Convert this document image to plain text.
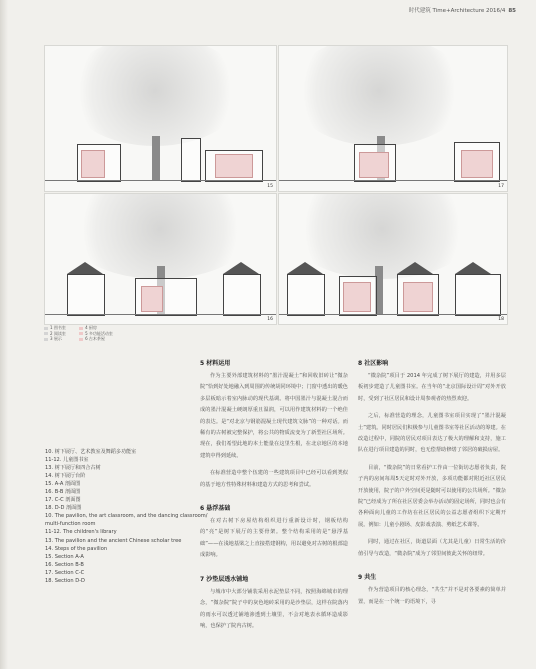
时代建筑 Time+Architecture 2016/4 85
15	17
16	18
1 图书室
2 阅读室
3 展示

4 厨房
5 多功能活动室
6 古木茶屋
10. 树下展厅、艺术教室及舞蹈多功能室
11-12. 儿童图书室
13. 树下展厅和四合古树
14. 树下展厅台阶
15. A-A 剖面图
16. B-B 剖面图
17. C-C 剖面图
18. D-D 剖面图
10. The pavilion, the art classroom, and the dancing classroom/
multi-function room
11-12. The children's library
13. The pavilion and the ancient Chinese scholar tree
14. Steps of the pavilion
15. Section A-A
16. Section B-B
17. Section C-C
18. Section D-D
5 材料运用

作为主要外部建筑材料的“墨汁混凝土”和回收旧砖让“微杂院”恰到好处地融入到周围的传统胡同环境中；门窗中透出的暖色多层板暗示着室内脉动的现代基调。将中国墨汁与混凝土混合而成的墨汁混凝土硬朗厚重且温润，可以用作建筑材料的一个绝佳的表达。是“对北京与钢筋混凝土现代建筑文脉”的一种对话。而稀有的古树被完整保护，将公共的物质流变为了新型社区场所。现在，我们希望此地的本土能量在这里生根，在北京地区的本地建筑中得到延续。

在标准营造中整个伍建的一些建筑项目中已经可以看到类似的基于地方性特殊材料和建造方式的思考和尝试。

6 悬浮基础

在对古树下房屋结构组织进行重新设计时，钢板结构的“亮”是树下展厅的主要骨架。整个结构采用的是“悬浮基础”——在浅地基梁之上直接搭建钢构，用以避免对古树的根部造成影响。

7 沙垫层透水铺地

与城市中大部分铺装采用水泥垫层不同，按照海绵城市的理念，“微杂院”院子中的灰色地砖采用的是沙垫层，这样在院落内的雨水可以透过铺地渗透到土壤里，不会对地表水循环造成影响，也保护了院内古树。

8 社区影响

“微杂院”项目于 2014 年完成了树下展厅的建造，并用多层板初步建造了儿童图书室。在当年的“北京国际设计周”对外开放时，受到了社区居民和设计周参观者的热烈欢迎。

之后，标准营造的理念，儿童图书室项目实现了“墨汁混凝土”建筑。同时居民们积极参与儿童图书室等社区活动的筹建。在改造过程中，同院的居民对项目表达了极大的理解和支持，施工队在进行项目建造的同时，也无偿帮助修缮了邻居的破损房屋。

目前，“微杂院”的日常看护工作由一位街坊志愿者负责，院子内的房间每周5天定时对外开放，多项功能都对附近社区居民开放使用，院子的户外空间更是随时可以使用的公共场所。“微杂院”已经成为了所在社区居委会举办活动的固定场所，同时也会有各种面向儿童的工作坊在社区居民的公益志愿者组织下定期开展。例如：儿童小剧场、皮影戏表演、剪纸艺术课等。

同时，通过在社区，街道层面（尤其是儿童）日常生活的价值引导与改造，“微杂院”成为了邻里间彼此关怀的纽带。

9 共生

作为营造项目的核心理念，“共生”并不是对各要素的简单并置，而是在一个统一的语境下，寻
